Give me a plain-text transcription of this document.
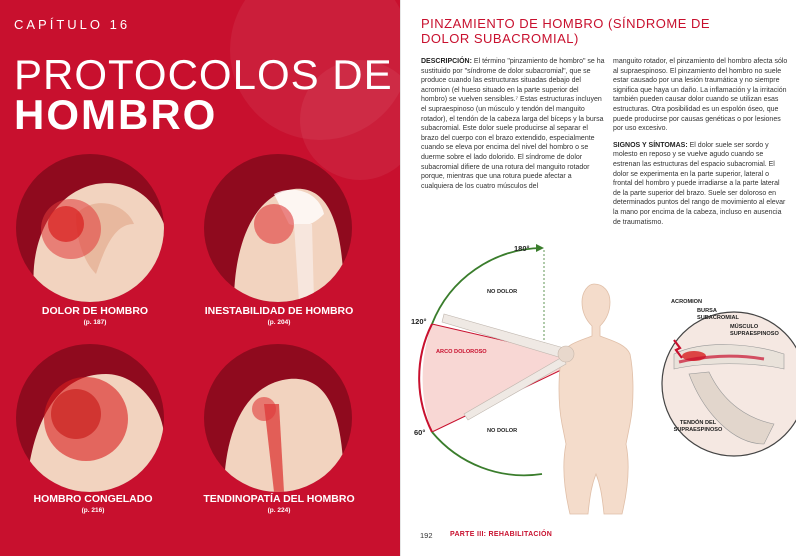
CAPÍTULO 16
PROTOCOLOS DE
HOMBRO
DOLOR DE HOMBRO
(p. 187)
INESTABILIDAD DE HOMBRO
(p. 204)
HOMBRO CONGELADO
(p. 216)
TENDINOPATÍA DEL HOMBRO
(p. 224)
PINZAMIENTO DE HOMBRO (SÍNDROME DE DOLOR SUBACROMIAL)
DESCRIPCIÓN: El término "pinzamiento de hombro" se ha sustituido por "síndrome de dolor subacromial", que se produce cuando las estructuras situadas debajo del acromion (el hueso situado en la parte superior del hombro) se vuelven sensibles.⁷ Estas estructuras incluyen el supraespinoso (un músculo y tendón del manguito rotador), el tendón de la cabeza larga del bíceps y la bursa subacromial. Este dolor suele producirse al separar el brazo del cuerpo con el brazo extendido, especialmente cuando se eleva por encima del nivel del hombro o se duerme sobre el lado dolorido. El síndrome de dolor subacromial difiere de una rotura del manguito rotador porque, mientras que una rotura puede afectar a cualquiera de los cuatro músculos del
manguito rotador, el pinzamiento del hombro afecta sólo al supraespinoso. El pinzamiento del hombro no suele estar causado por una lesión traumática y no siempre significa que haya un daño. La inflamación y la irritación también pueden causar dolor cuando se utilizan esas estructuras. Otra posibilidad es un espolón óseo, que puede producirse por causas genéticas o por lesiones por uso excesivo.
SIGNOS Y SÍNTOMAS: El dolor suele ser sordo y molesto en reposo y se vuelve agudo cuando se estrenan las estructuras del espacio subacromial. El dolor se experimenta en la parte superior, lateral o frontal del hombro y puede irradiarse a la parte lateral de la parte superior del brazo. Suele ser doloroso en determinados puntos del rango de movimiento al elevar la mano por encima de la cabeza, incluso en ausencia de traumatismo.
180°
120°
60°
NO DOLOR
NO DOLOR
ARCO DOLOROSO
ACROMION
BURSA SUBACROMIAL
MÚSCULO SUPRAESPINOSO
TENDÓN DEL SUPRAESPINOSO
192 PARTE III: REHABILITACIÓN
